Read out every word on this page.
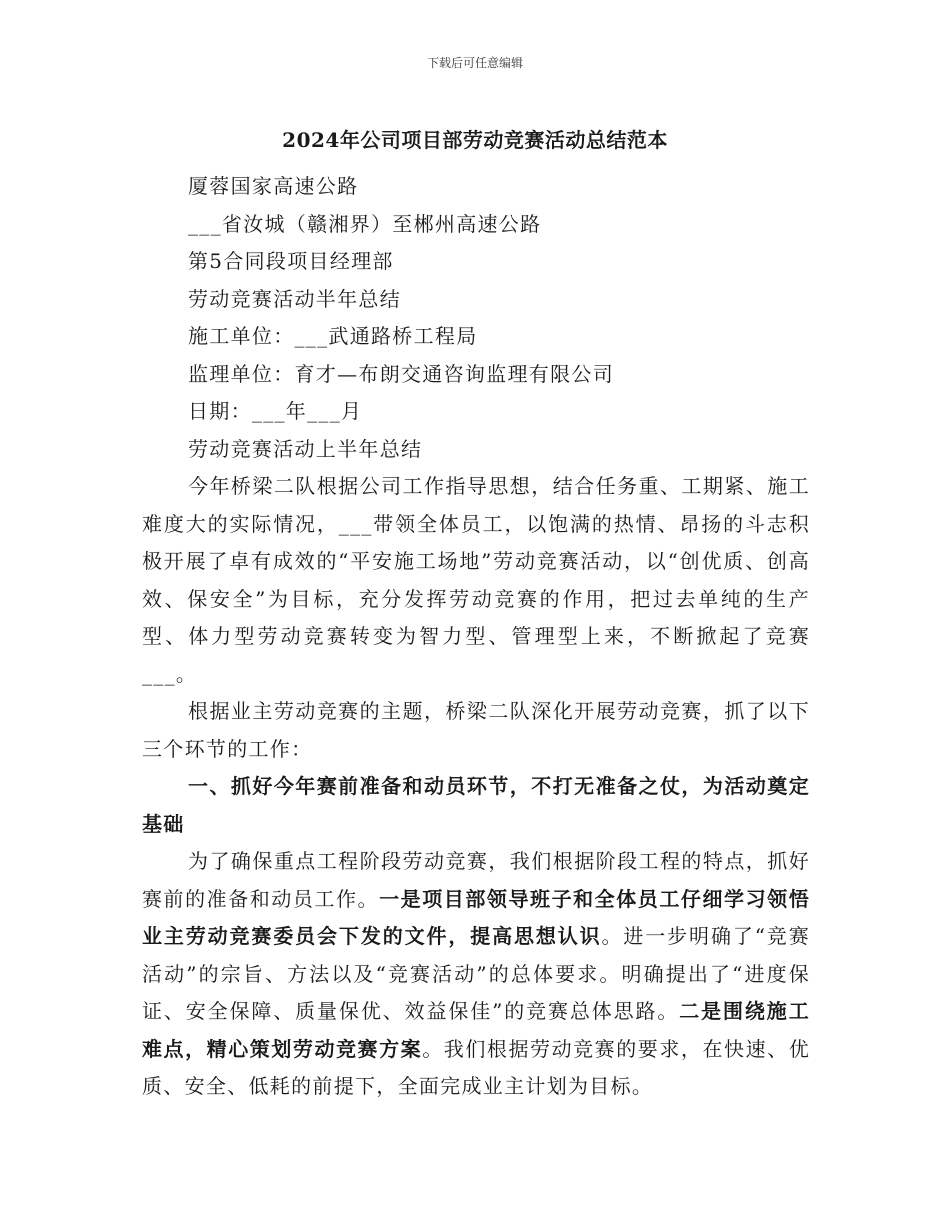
下载后可任意编辑
2024年公司项目部劳动竞赛活动总结范本
厦蓉国家高速公路
___省汝城（赣湘界）至郴州高速公路
第5合同段项目经理部
劳动竞赛活动半年总结
施工单位：___武通路桥工程局
监理单位：育才—布朗交通咨询监理有限公司
日期：___年___月
劳动竞赛活动上半年总结
今年桥梁二队根据公司工作指导思想，结合任务重、工期紧、施工难度大的实际情况，___带领全体员工，以饱满的热情、昂扬的斗志积极开展了卓有成效的“平安施工场地”劳动竞赛活动，以“创优质、创高效、保安全”为目标，充分发挥劳动竞赛的作用，把过去单纯的生产型、体力型劳动竞赛转变为智力型、管理型上来，不断掀起了竞赛___。
根据业主劳动竞赛的主题，桥梁二队深化开展劳动竞赛，抓了以下三个环节的工作：
一、抓好今年赛前准备和动员环节，不打无准备之仗，为活动奠定基础
为了确保重点工程阶段劳动竞赛，我们根据阶段工程的特点，抓好赛前的准备和动员工作。一是项目部领导班子和全体员工仔细学习领悟业主劳动竞赛委员会下发的文件，提高思想认识。进一步明确了“竞赛活动”的宗旨、方法以及“竞赛活动”的总体要求。明确提出了“进度保证、安全保障、质量保优、效益保佳”的竞赛总体思路。二是围绕施工难点，精心策划劳动竞赛方案。我们根据劳动竞赛的要求，在快速、优质、安全、低耗的前提下，全面完成业主计划为目标。
